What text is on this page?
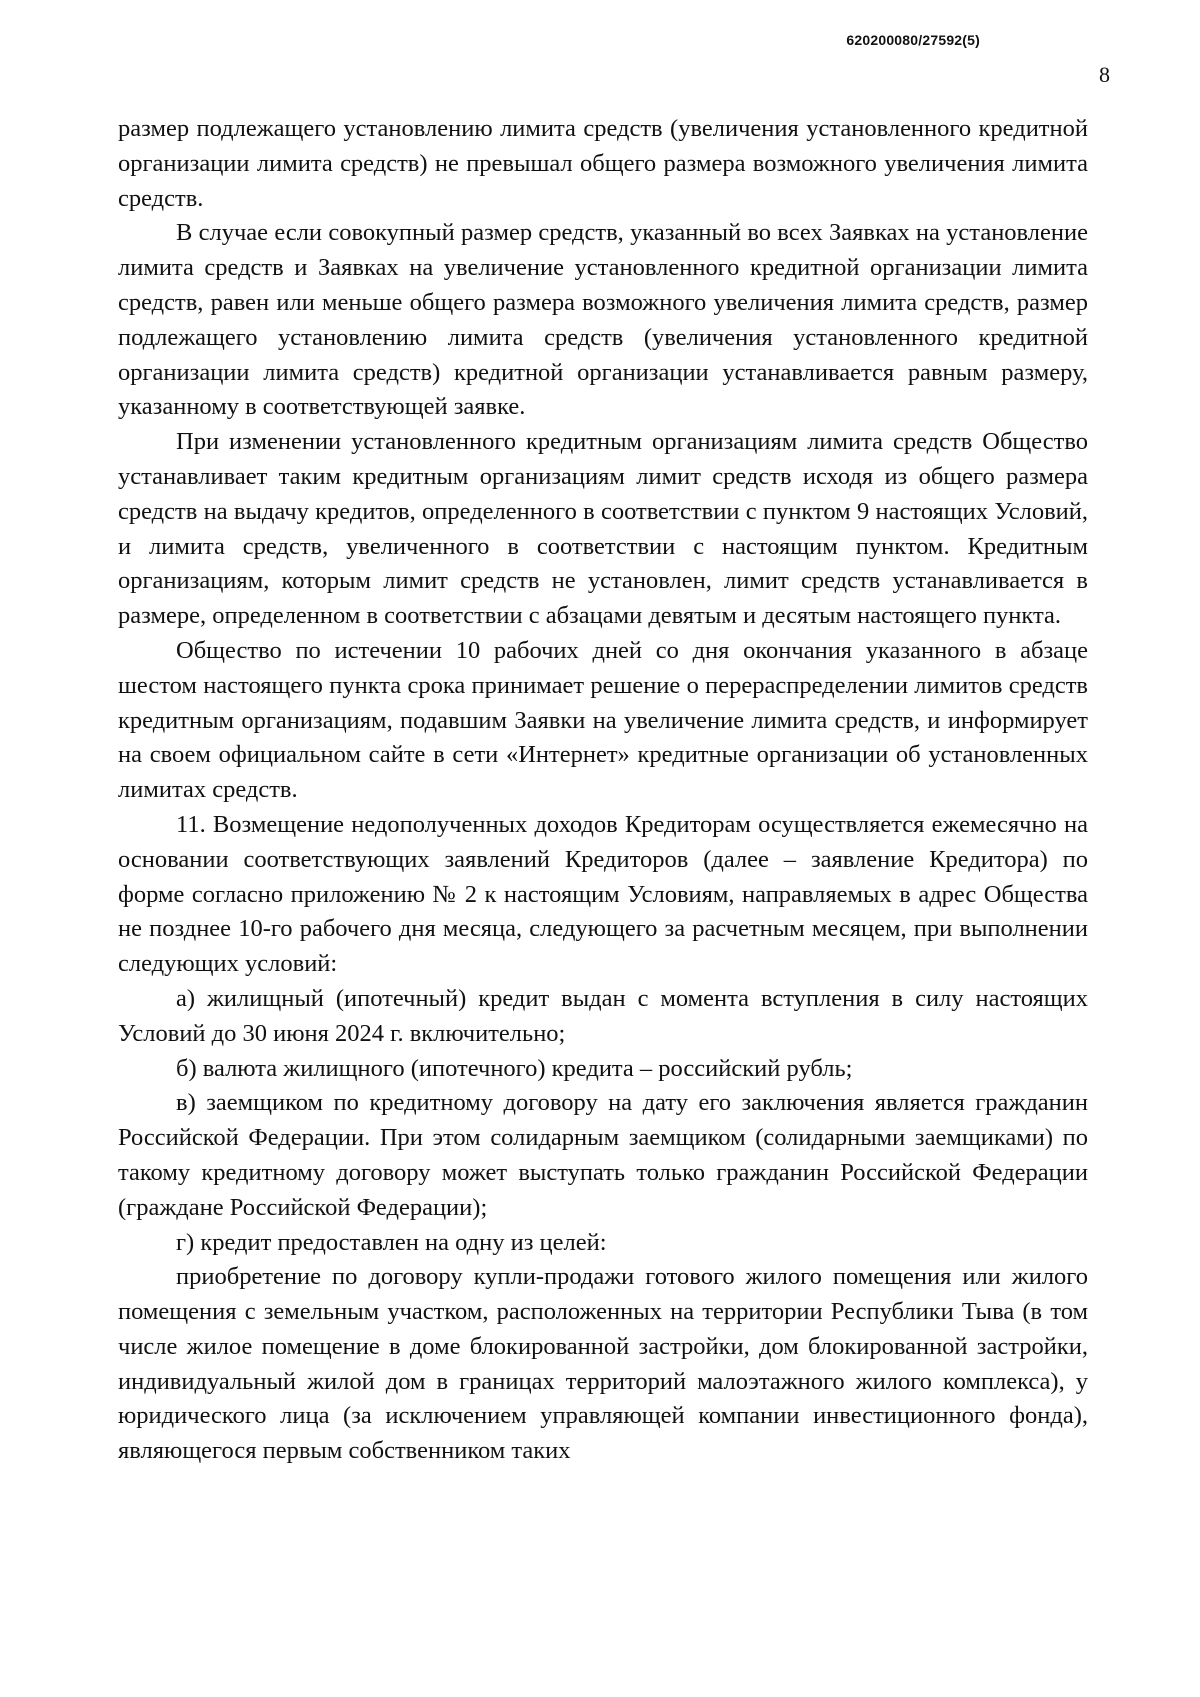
620200080/27592(5)
8

размер подлежащего установлению лимита средств (увеличения установленного кредитной организации лимита средств) не превышал общего размера возможного увеличения лимита средств.

В случае если совокупный размер средств, указанный во всех Заявках на установление лимита средств и Заявках на увеличение установленного кредитной организации лимита средств, равен или меньше общего размера возможного увеличения лимита средств, размер подлежащего установлению лимита средств (увеличения установленного кредитной организации лимита средств) кредитной организации устанавливается равным размеру, указанному в соответствующей заявке.

При изменении установленного кредитным организациям лимита средств Общество устанавливает таким кредитным организациям лимит средств исходя из общего размера средств на выдачу кредитов, определенного в соответствии с пунктом 9 настоящих Условий, и лимита средств, увеличенного в соответствии с настоящим пунктом. Кредитным организациям, которым лимит средств не установлен, лимит средств устанавливается в размере, определенном в соответствии с абзацами девятым и десятым настоящего пункта.

Общество по истечении 10 рабочих дней со дня окончания указанного в абзаце шестом настоящего пункта срока принимает решение о перераспределении лимитов средств кредитным организациям, подавшим Заявки на увеличение лимита средств, и информирует на своем официальном сайте в сети «Интернет» кредитные организации об установленных лимитах средств.

11. Возмещение недополученных доходов Кредиторам осуществляется ежемесячно на основании соответствующих заявлений Кредиторов (далее – заявление Кредитора) по форме согласно приложению № 2 к настоящим Условиям, направляемых в адрес Общества не позднее 10-го рабочего дня месяца, следующего за расчетным месяцем, при выполнении следующих условий:

а) жилищный (ипотечный) кредит выдан с момента вступления в силу настоящих Условий до 30 июня 2024 г. включительно;

б) валюта жилищного (ипотечного) кредита – российский рубль;

в) заемщиком по кредитному договору на дату его заключения является гражданин Российской Федерации. При этом солидарным заемщиком (солидарными заемщиками) по такому кредитному договору может выступать только гражданин Российской Федерации (граждане Российской Федерации);

г) кредит предоставлен на одну из целей:

приобретение по договору купли-продажи готового жилого помещения или жилого помещения с земельным участком, расположенных на территории Республики Тыва (в том числе жилое помещение в доме блокированной застройки, дом блокированной застройки, индивидуальный жилой дом в границах территорий малоэтажного жилого комплекса), у юридического лица (за исключением управляющей компании инвестиционного фонда), являющегося первым собственником таких
